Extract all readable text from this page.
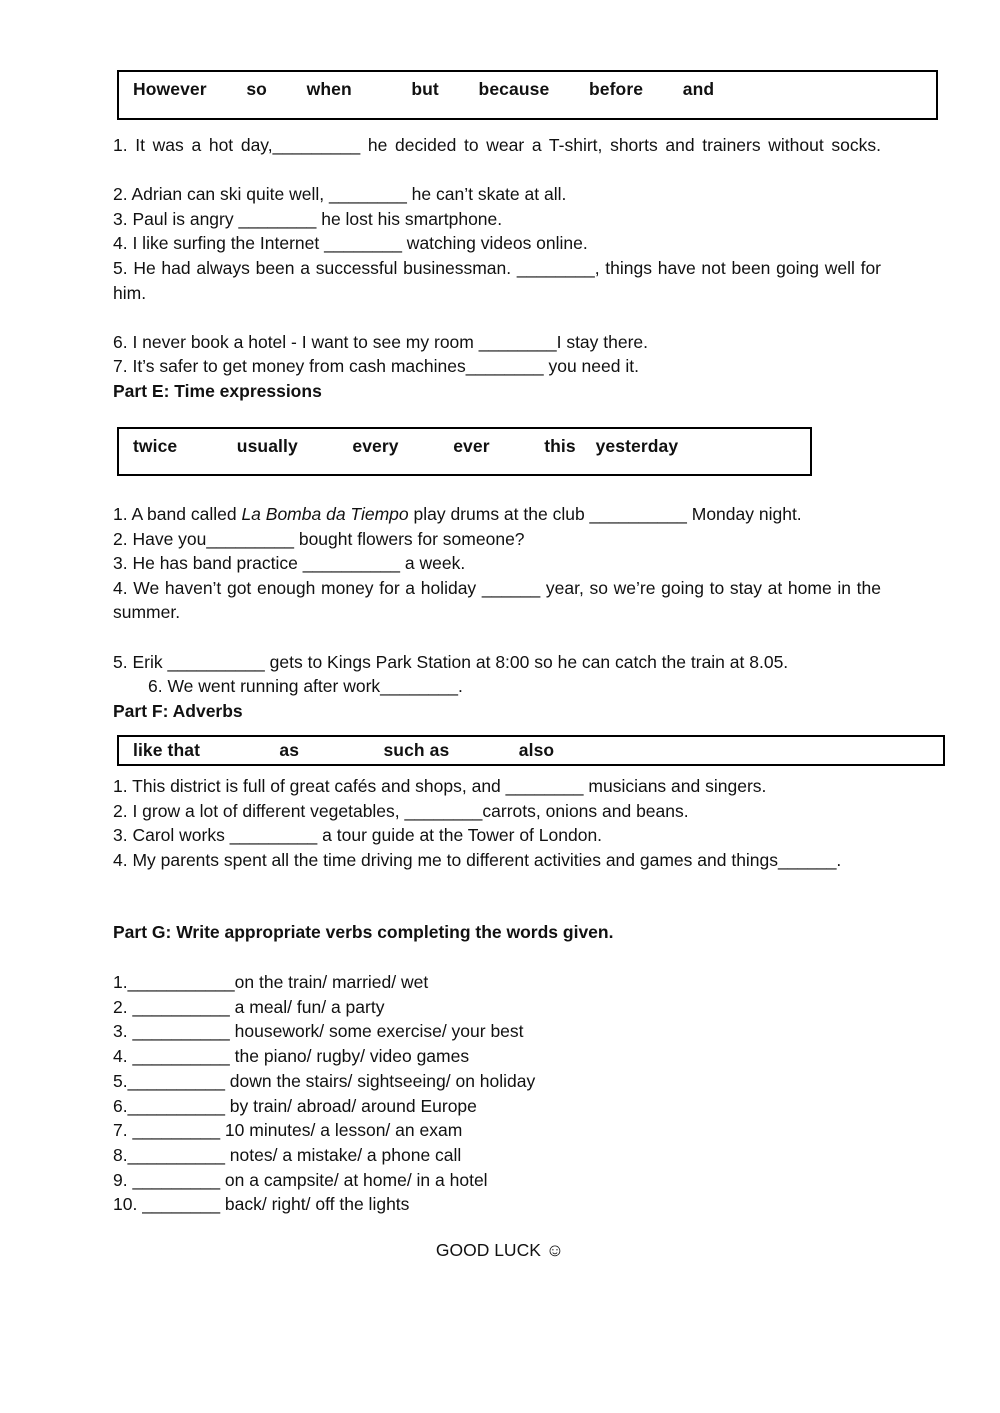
However        so        when            but        because        before        and
1. It was a hot day,_________ he decided to wear a T-shirt, shorts and trainers without socks.
2. Adrian can ski quite well, ________ he can’t skate at all.
3. Paul is angry ________ he lost his smartphone.
4. I like surfing the Internet ________ watching videos online.
5. He had always been a successful businessman. ________, things have not been going well for him.
6. I never book a hotel - I want to see my room ________I stay there.
7. It’s safer to get money from cash machines________ you need it.
Part E: Time expressions
twice            usually           every           ever           this    yesterday
1. A band called La Bomba da Tiempo play drums at the club __________ Monday night.
2. Have you_________ bought flowers for someone?
3. He has band practice __________ a week.
4. We haven’t got enough money for a holiday ______ year, so we’re going to stay at home in the summer.
5. Erik __________ gets to Kings Park Station at 8:00 so he can catch the train at 8.05.
6. We went running after work________.
Part F: Adverbs
like that                as                 such as              also
1. This district is full of great cafés and shops, and ________ musicians and singers.
2. I grow a lot of different vegetables, ________carrots, onions and beans.
3. Carol works _________ a tour guide at the Tower of London.
4. My parents spent all the time driving me to different activities and games and things______.
Part G: Write appropriate verbs completing the words given.
1.___________on the train/ married/ wet
2. __________ a meal/ fun/ a party
3. __________ housework/ some exercise/ your best
4. __________ the piano/ rugby/ video games
5.__________ down the stairs/ sightseeing/ on holiday
6.__________ by train/ abroad/ around Europe
7. _________ 10 minutes/ a lesson/ an exam
8.__________ notes/ a mistake/ a phone call
9. _________ on a campsite/ at home/ in a hotel
10. ________ back/ right/ off the lights
GOOD LUCK ☺
